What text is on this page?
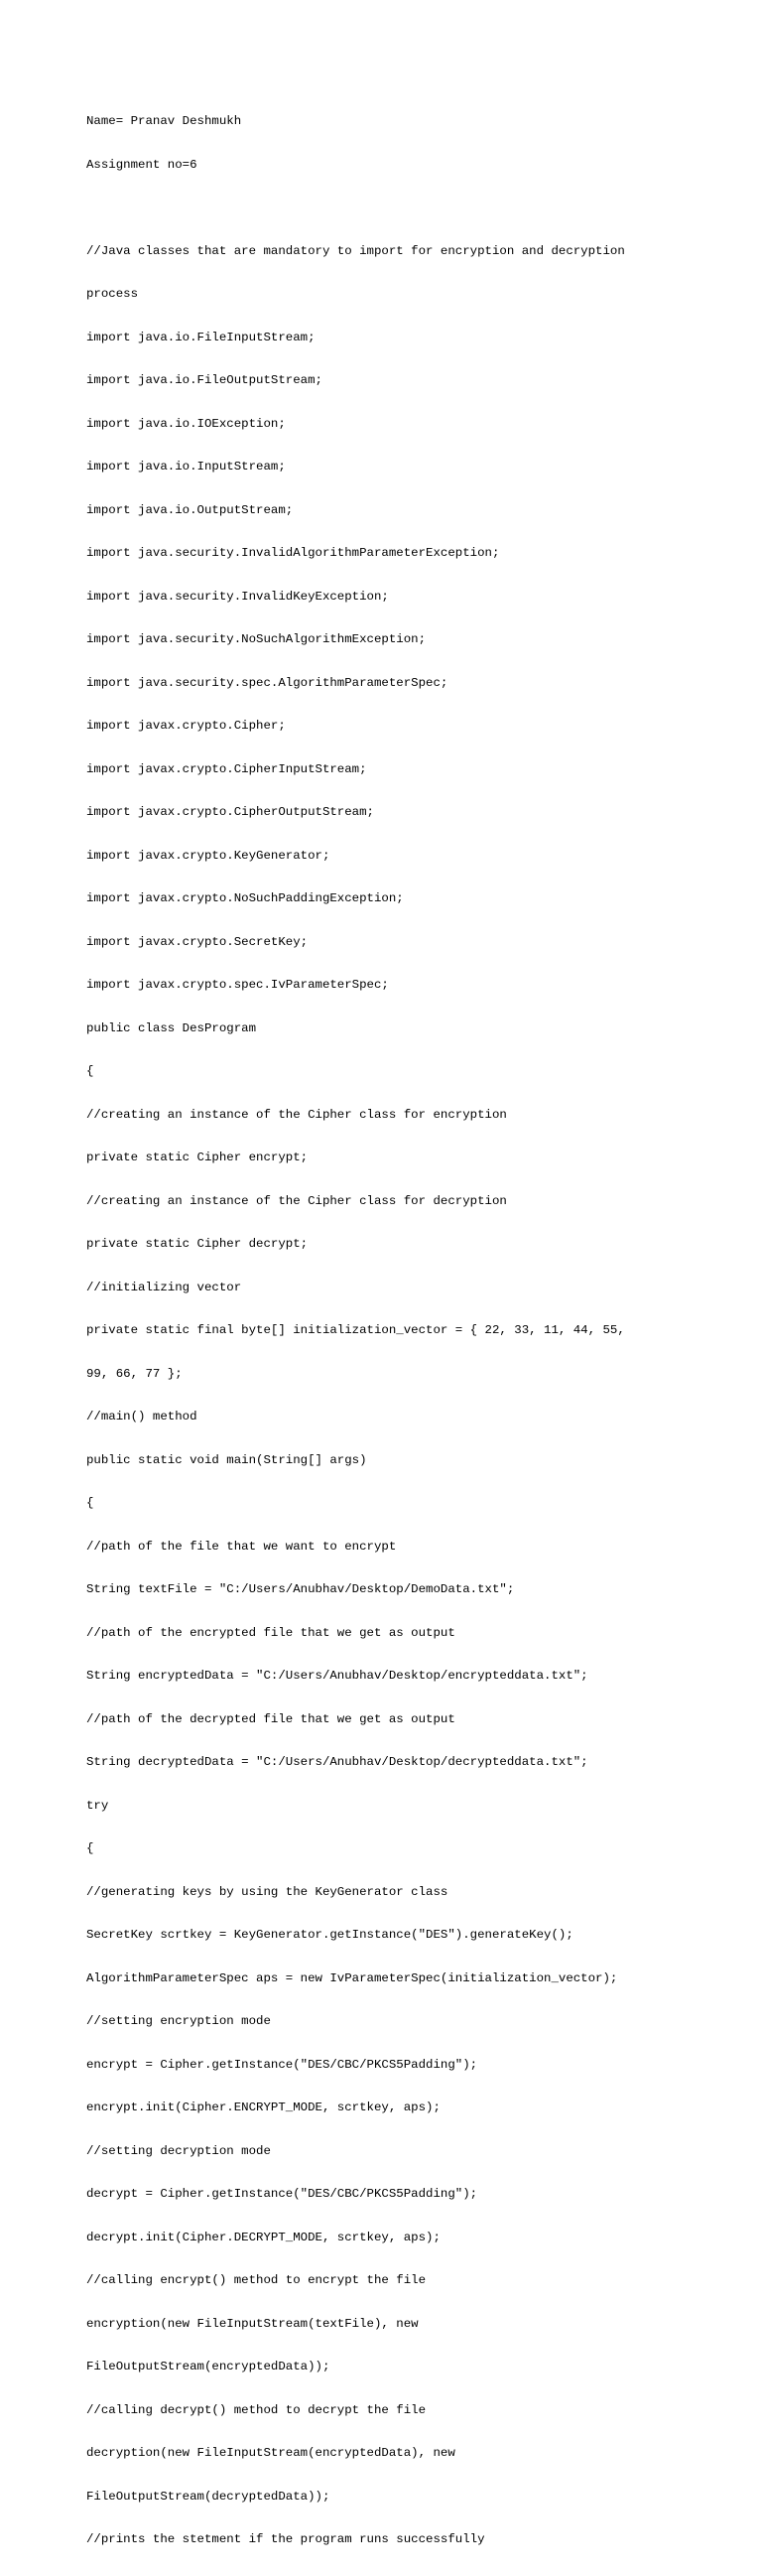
Name= Pranav Deshmukh

Assignment no=6

//Java classes that are mandatory to import for encryption and decryption

process

import java.io.FileInputStream;

import java.io.FileOutputStream;

import java.io.IOException;

import java.io.InputStream;

import java.io.OutputStream;

import java.security.InvalidAlgorithmParameterException;

import java.security.InvalidKeyException;

import java.security.NoSuchAlgorithmException;

import java.security.spec.AlgorithmParameterSpec;

import javax.crypto.Cipher;

import javax.crypto.CipherInputStream;

import javax.crypto.CipherOutputStream;

import javax.crypto.KeyGenerator;

import javax.crypto.NoSuchPaddingException;

import javax.crypto.SecretKey;

import javax.crypto.spec.IvParameterSpec;

public class DesProgram

{

//creating an instance of the Cipher class for encryption

private static Cipher encrypt;

//creating an instance of the Cipher class for decryption

private static Cipher decrypt;

//initializing vector

private static final byte[] initialization_vector = { 22, 33, 11, 44, 55,

99, 66, 77 };

//main() method

public static void main(String[] args)

{

//path of the file that we want to encrypt

String textFile = "C:/Users/Anubhav/Desktop/DemoData.txt";

//path of the encrypted file that we get as output

String encryptedData = "C:/Users/Anubhav/Desktop/encrypteddata.txt";

//path of the decrypted file that we get as output

String decryptedData = "C:/Users/Anubhav/Desktop/decrypteddata.txt";

try

{

//generating keys by using the KeyGenerator class

SecretKey scrtkey = KeyGenerator.getInstance("DES").generateKey();

AlgorithmParameterSpec aps = new IvParameterSpec(initialization_vector);

//setting encryption mode

encrypt = Cipher.getInstance("DES/CBC/PKCS5Padding");

encrypt.init(Cipher.ENCRYPT_MODE, scrtkey, aps);

//setting decryption mode

decrypt = Cipher.getInstance("DES/CBC/PKCS5Padding");

decrypt.init(Cipher.DECRYPT_MODE, scrtkey, aps);

//calling encrypt() method to encrypt the file

encryption(new FileInputStream(textFile), new

FileOutputStream(encryptedData));

//calling decrypt() method to decrypt the file

decryption(new FileInputStream(encryptedData), new

FileOutputStream(decryptedData));

//prints the stetment if the program runs successfully
